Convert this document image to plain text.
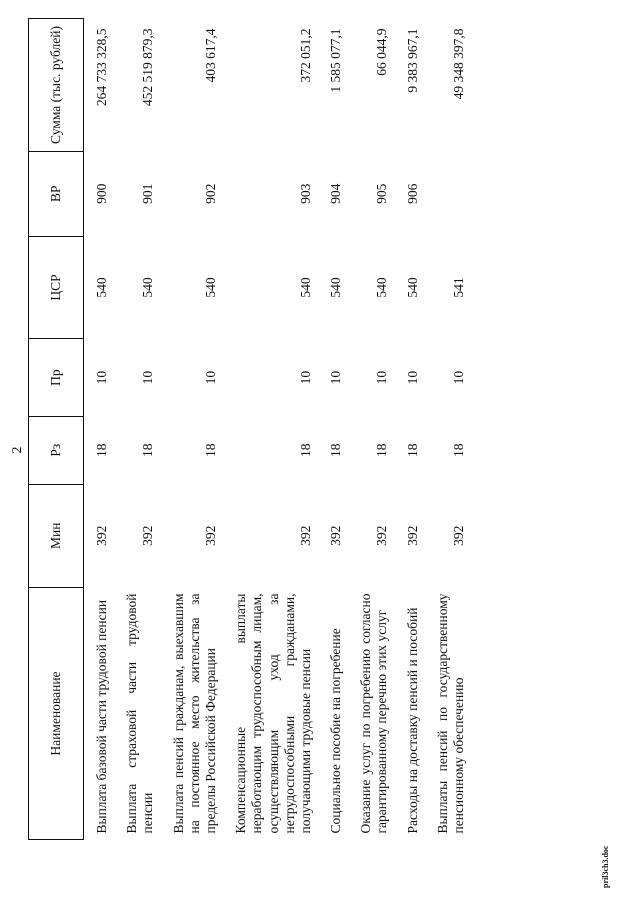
2
Наименование	Мин	Рз	Пр	ЦСР	ВР	Сумма (тыс. рублей)
Выплата базовой части трудовой пенсии	392	18	10	540	900	264 733 328,5
Выплата страховой части трудовой пенсии	392	18	10	540	901	452 519 879,3
Выплата пенсий гражданам, выехавшим на постоянное место жительства за пределы Российской Федерации	392	18	10	540	902	403 617,4
Компенсационные выплаты неработающим трудоспособным лицам, осуществляющим уход за нетрудоспособными гражданами, получающими трудовые пенсии	392	18	10	540	903	372 051,2
Социальное пособие на погребение	392	18	10	540	904	1 585 077,1
Оказание услуг по погребению согласно гарантированному перечню этих услуг	392	18	10	540	905	66 044,9
Расходы на доставку пенсий и пособий	392	18	10	540	906	9 383 967,1
Выплаты пенсий по государственному пенсионному обеспечению	392	18	10	541		49 348 397,8
pril3ch3.doc
